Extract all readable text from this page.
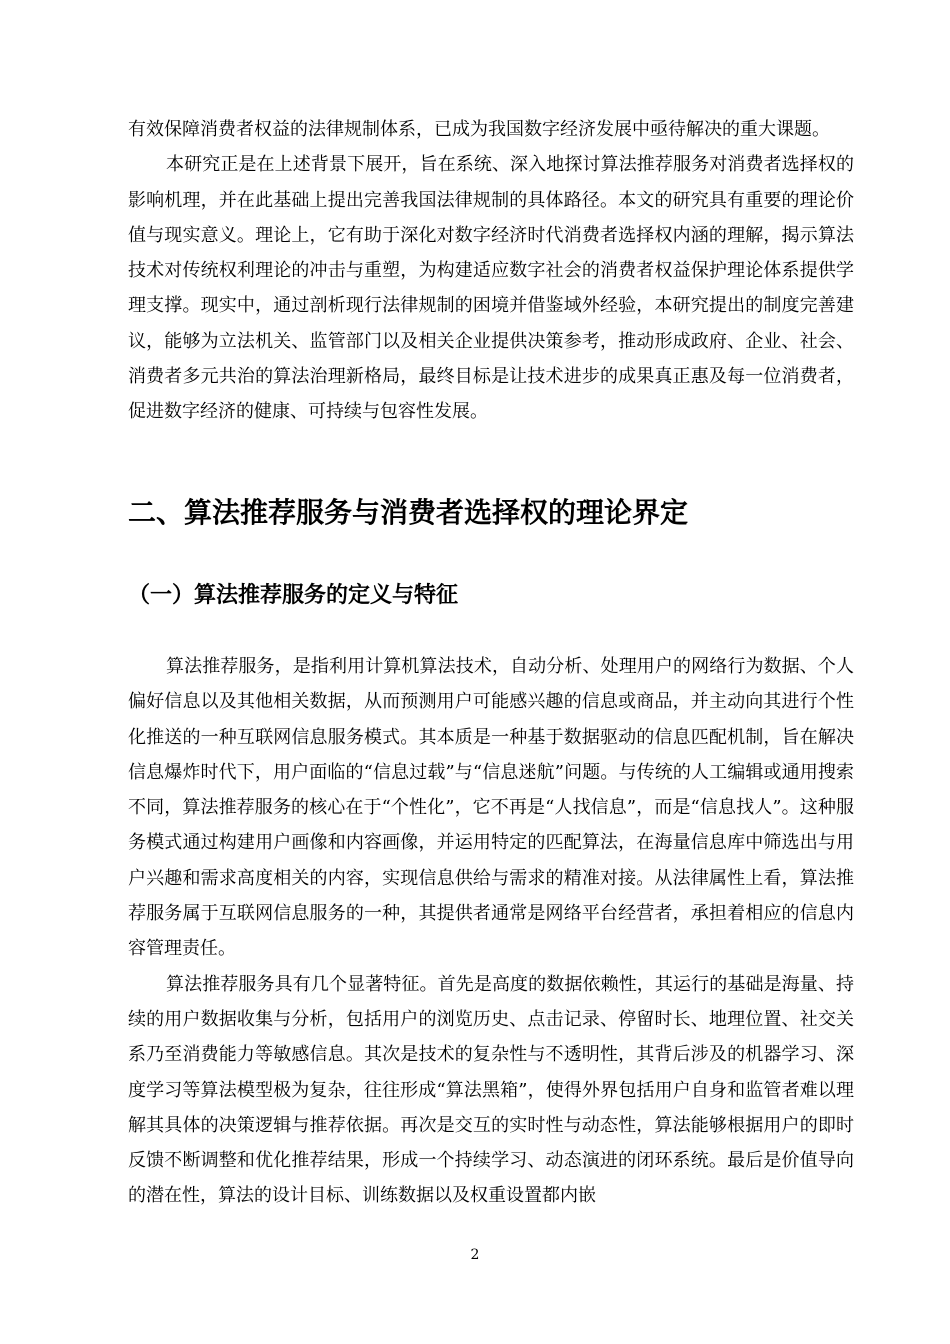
有效保障消费者权益的法律规制体系，已成为我国数字经济发展中亟待解决的重大课题。

本研究正是在上述背景下展开，旨在系统、深入地探讨算法推荐服务对消费者选择权的影响机理，并在此基础上提出完善我国法律规制的具体路径。本文的研究具有重要的理论价值与现实意义。理论上，它有助于深化对数字经济时代消费者选择权内涵的理解，揭示算法技术对传统权利理论的冲击与重塑，为构建适应数字社会的消费者权益保护理论体系提供学理支撑。现实中，通过剖析现行法律规制的困境并借鉴域外经验，本研究提出的制度完善建议，能够为立法机关、监管部门以及相关企业提供决策参考，推动形成政府、企业、社会、消费者多元共治的算法治理新格局，最终目标是让技术进步的成果真正惠及每一位消费者，促进数字经济的健康、可持续与包容性发展。

二、算法推荐服务与消费者选择权的理论界定
（一）算法推荐服务的定义与特征

算法推荐服务，是指利用计算机算法技术，自动分析、处理用户的网络行为数据、个人偏好信息以及其他相关数据，从而预测用户可能感兴趣的信息或商品，并主动向其进行个性化推送的一种互联网信息服务模式。其本质是一种基于数据驱动的信息匹配机制，旨在解决信息爆炸时代下，用户面临的“信息过载”与“信息迷航”问题。与传统的人工编辑或通用搜索不同，算法推荐服务的核心在于“个性化”，它不再是“人找信息”，而是“信息找人”。这种服务模式通过构建用户画像和内容画像，并运用特定的匹配算法，在海量信息库中筛选出与用户兴趣和需求高度相关的内容，实现信息供给与需求的精准对接。从法律属性上看，算法推荐服务属于互联网信息服务的一种，其提供者通常是网络平台经营者，承担着相应的信息内容管理责任。

算法推荐服务具有几个显著特征。首先是高度的数据依赖性，其运行的基础是海量、持续的用户数据收集与分析，包括用户的浏览历史、点击记录、停留时长、地理位置、社交关系乃至消费能力等敏感信息。其次是技术的复杂性与不透明性，其背后涉及的机器学习、深度学习等算法模型极为复杂，往往形成“算法黑箱”，使得外界包括用户自身和监管者难以理解其具体的决策逻辑与推荐依据。再次是交互的实时性与动态性，算法能够根据用户的即时反馈不断调整和优化推荐结果，形成一个持续学习、动态演进的闭环系统。最后是价值导向的潜在性，算法的设计目标、训练数据以及权重设置都内嵌

2
